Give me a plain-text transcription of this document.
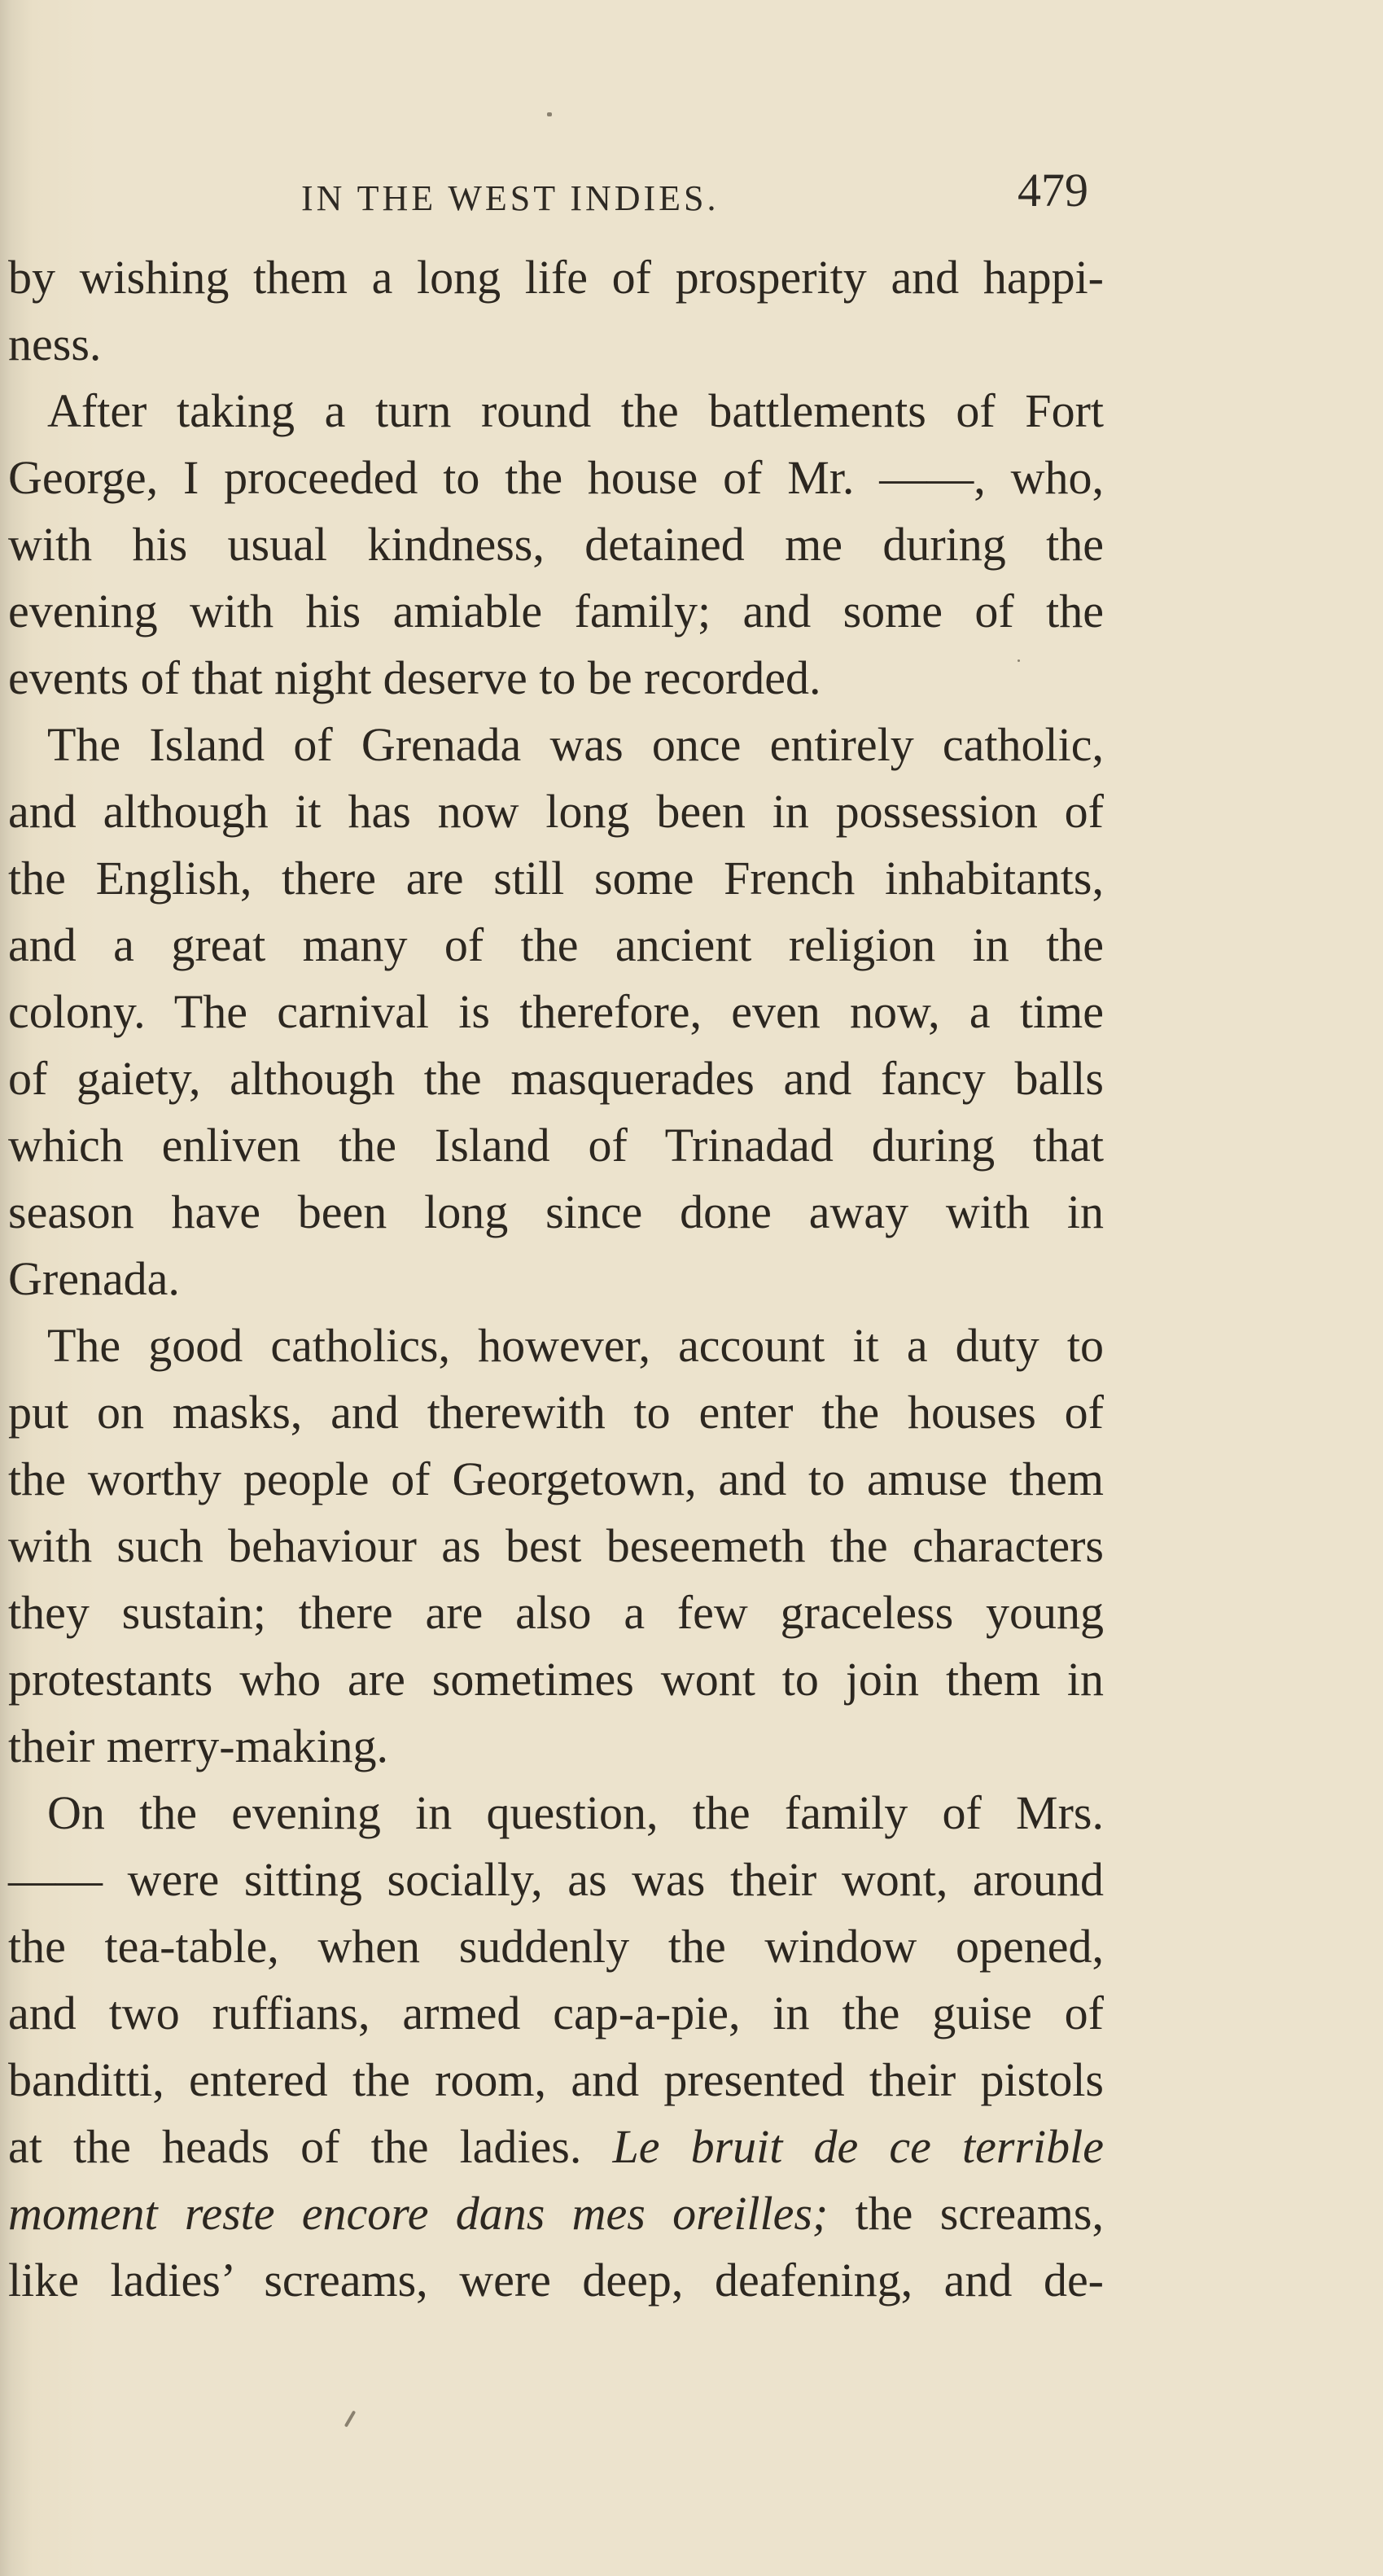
IN THE WEST INDIES.	479
by wishing them a long life of prosperity and happi-
ness.
After taking a turn round the battlements of Fort
George, I proceeded to the house of Mr. ——, who,
with his usual kindness, detained me during the
evening with his amiable family; and some of the
events of that night deserve to be recorded.
The Island of Grenada was once entirely catholic,
and although it has now long been in possession of
the English, there are still some French inhabitants,
and a great many of the ancient religion in the
colony. The carnival is therefore, even now, a time
of gaiety, although the masquerades and fancy balls
which enliven the Island of Trinadad during that
season have been long since done away with in
Grenada.
The good catholics, however, account it a duty to
put on masks, and therewith to enter the houses of
the worthy people of Georgetown, and to amuse them
with such behaviour as best beseemeth the characters
they sustain; there are also a few graceless young
protestants who are sometimes wont to join them in
their merry-making.
On the evening in question, the family of Mrs.
—— were sitting socially, as was their wont, around
the tea-table, when suddenly the window opened,
and two ruffians, armed cap-a-pie, in the guise of
banditti, entered the room, and presented their pistols
at the heads of the ladies. Le bruit de ce terrible
moment reste encore dans mes oreilles; the screams,
like ladies’ screams, were deep, deafening, and de-
